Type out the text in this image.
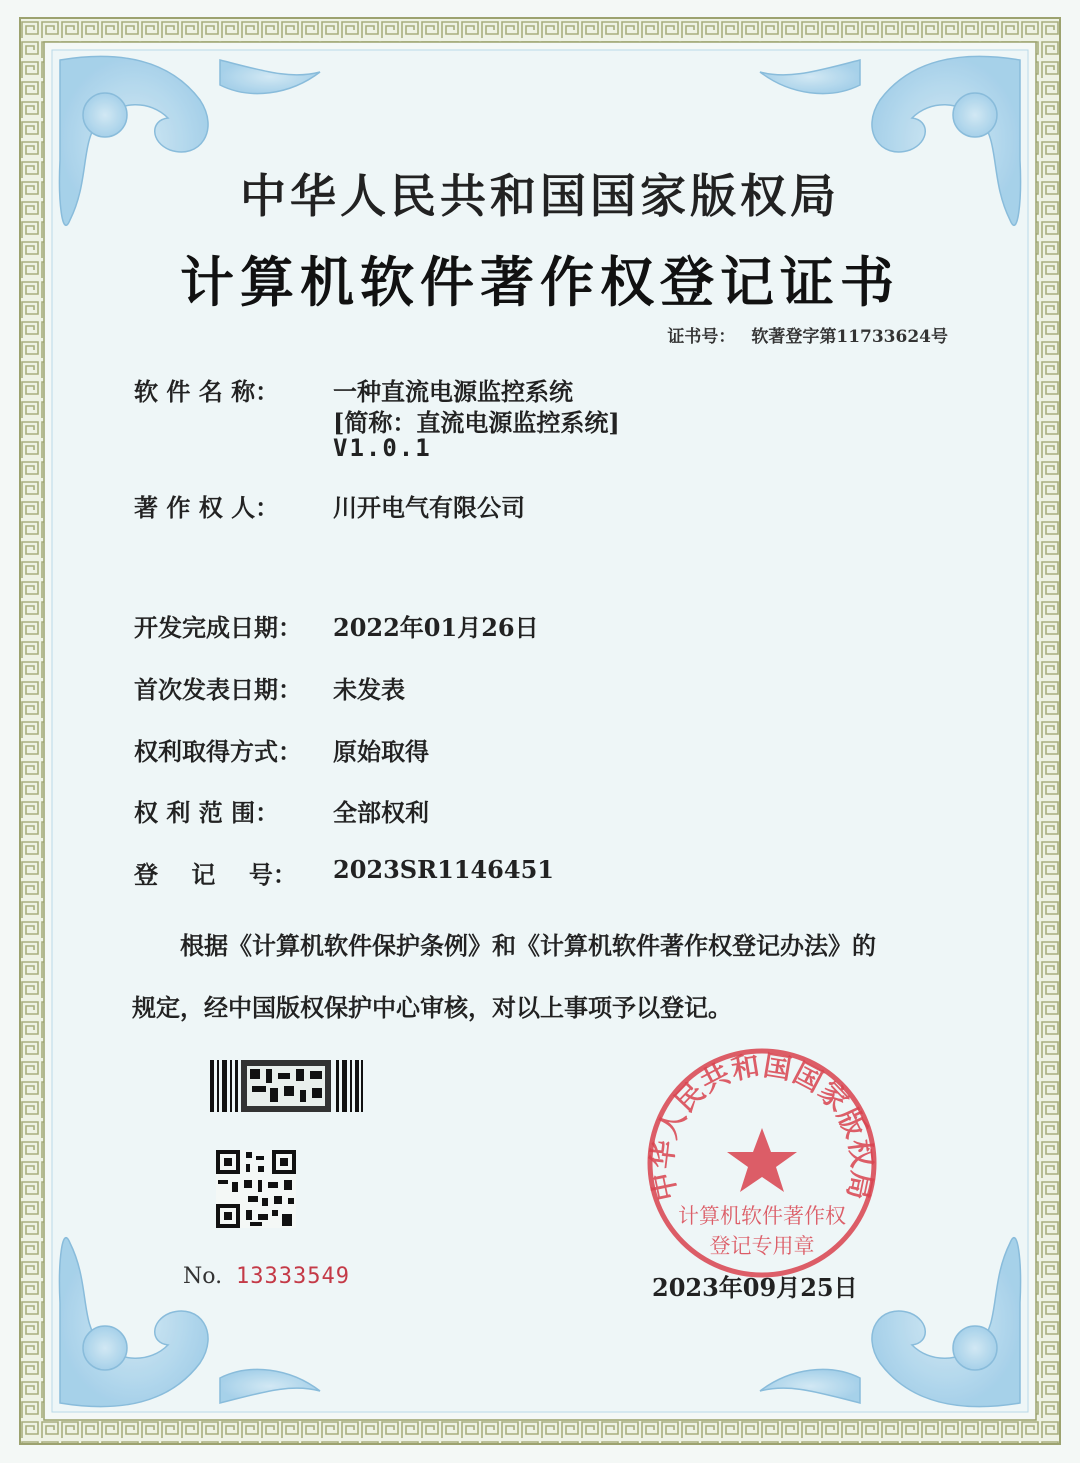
中华人民共和国国家版权局
计算机软件著作权
登记专用章
中华人民共和国国家版权局
计算机软件著作权登记证书
证书号： 软著登字第11733624号
软 件 名 称： 一种直流电源监控系统
[简称：直流电源监控系统]
V1.0.1
著 作 权 人： 川开电气有限公司
开发完成日期： 2022年01月26日
首次发表日期： 未发表
权利取得方式： 原始取得
权 利 范 围： 全部权利
登    记    号： 2023SR1146451
根据《计算机软件保护条例》和《计算机软件著作权登记办法》的
规定，经中国版权保护中心审核，对以上事项予以登记。
No. 13333549	2023年09月25日
